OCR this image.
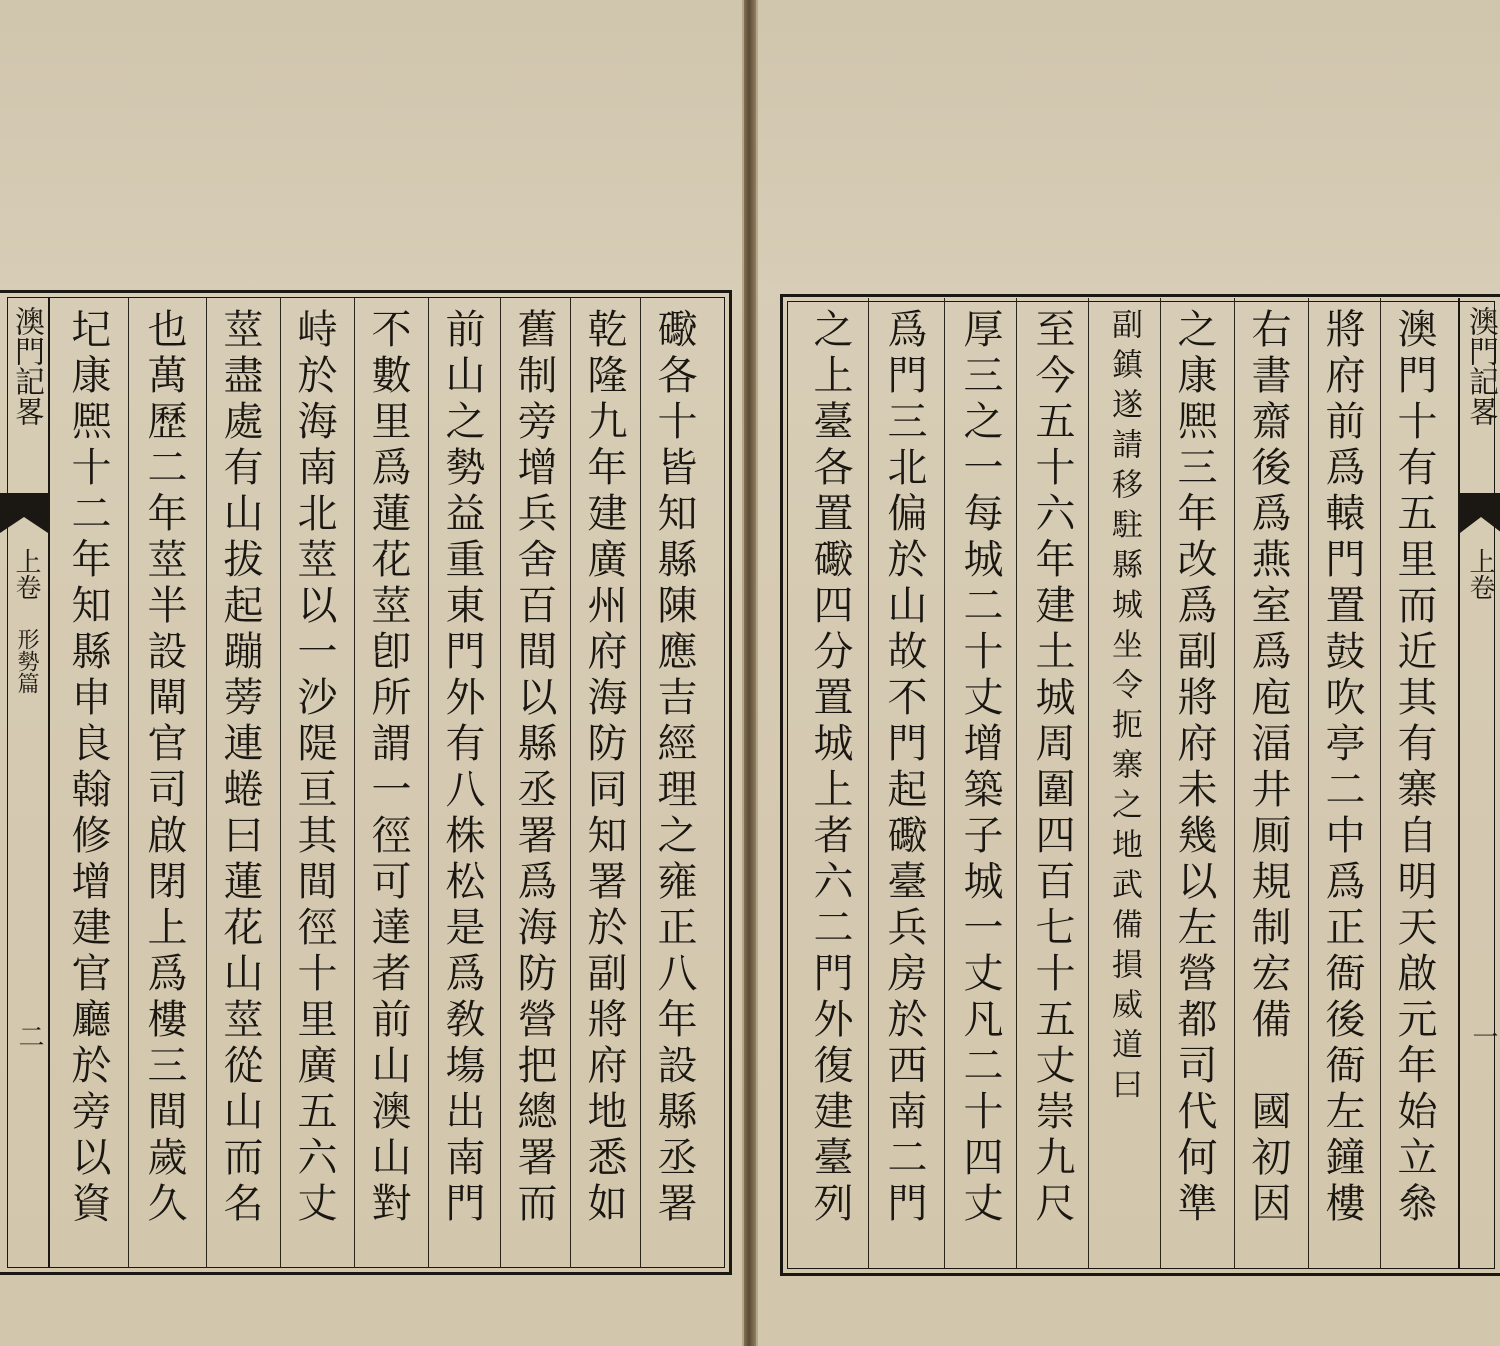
澳門記畧
上卷
形勢篇
二	礮各十皆知縣陳應吉經理之雍正八年設縣丞署
乾隆九年建廣州府海防同知署於副將府地悉如
舊制旁增兵舍百間以縣丞署爲海防營把總署而
前山之勢益重東門外有八株松是爲敎塲出南門
不數里爲蓮花莖卽所謂一徑可達者前山澳山對
峙於海南北莖以一沙隄亘其間徑十里廣五六丈
莖盡處有山拔起蹦蒡連蜷曰蓮花山莖從山而名
也萬歷二年莖半設閘官司啟閉上爲樓三間歲久
圮康熈十二年知縣申良翰修增建官廳於旁以資	澳門記畧
上卷
一
澳門十有五里而近其有寨自明天啟元年始立叅
將府前爲轅門置鼓吹亭二中爲正衙後衙左鐘樓
右書齋後爲燕室爲庖湢井厠規制宏備　國初因
之康熈三年改爲副將府未幾以左營都司代何準
副鎮遂請移駐縣城坐令扼寨之地武備損威道曰
至今五十六年建土城周圍四百七十五丈崇九尺
厚三之一每城二十丈增築子城一丈凡二十四丈
爲門三北偏於山故不門起礮臺兵房於西南二門
之上臺各置礮四分置城上者六二門外復建臺列
